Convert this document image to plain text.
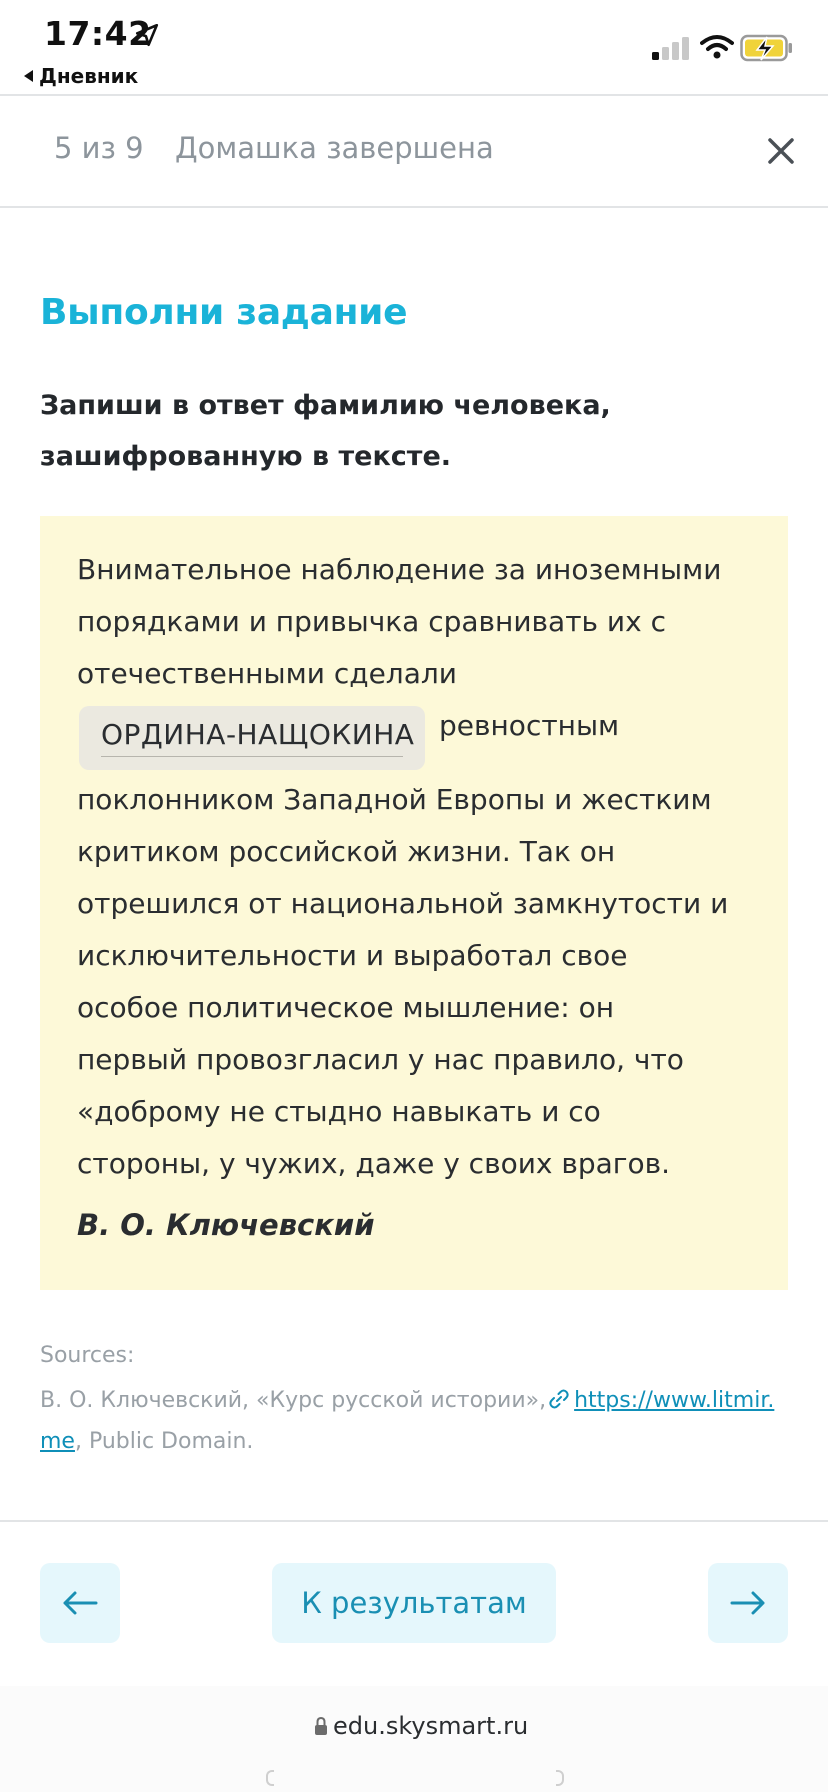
17:42
Дневник
5 из 9 Домашка завершена
Выполни задание
Запиши в ответ фамилию человека, зашифрованную в тексте.
Внимательное наблюдение за иноземными
порядками и привычка сравнивать их с
отечественными сделали
ОРДИНА-НАЩОКИНА ревностным
поклонником Западной Европы и жестким
критиком российской жизни. Так он
отрешился от национальной замкнутости и
исключительности и выработал свое
особое политическое мышление: он
первый провозгласил у нас правило, что
«доброму не стыдно навыкать и со
стороны, у чужих, даже у своих врагов.
В. О. Ключевский
Sources:
В. О. Ключевский, «Курс русской истории», https://www.litmir.
me, Public Domain.
К результатам
edu.skysmart.ru
